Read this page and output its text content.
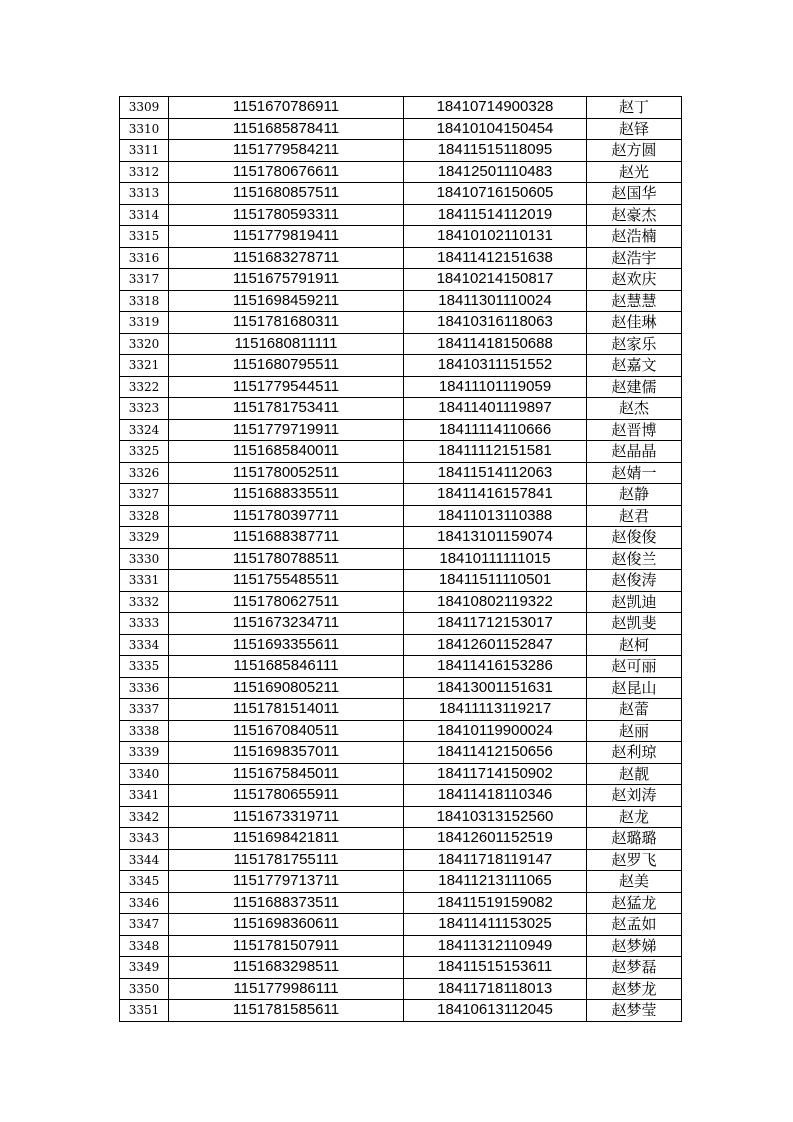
3309	1151670786911	18410714900328	赵丁
3310	1151685878411	18410104150454	赵铎
3311	1151779584211	18411515118095	赵方圆
3312	1151780676611	18412501110483	赵光
3313	1151680857511	18410716150605	赵国华
3314	1151780593311	18411514112019	赵豪杰
3315	1151779819411	18410102110131	赵浩楠
3316	1151683278711	18411412151638	赵浩宇
3317	1151675791911	18410214150817	赵欢庆
3318	1151698459211	18411301110024	赵慧慧
3319	1151781680311	18410316118063	赵佳琳
3320	1151680811111	18411418150688	赵家乐
3321	1151680795511	18410311151552	赵嘉文
3322	1151779544511	18411101119059	赵建儒
3323	1151781753411	18411401119897	赵杰
3324	1151779719911	18411114110666	赵晋博
3325	1151685840011	18411112151581	赵晶晶
3326	1151780052511	18411514112063	赵婧一
3327	1151688335511	18411416157841	赵静
3328	1151780397711	18411013110388	赵君
3329	1151688387711	18413101159074	赵俊俊
3330	1151780788511	18410111111015	赵俊兰
3331	1151755485511	18411511110501	赵俊涛
3332	1151780627511	18410802119322	赵凯迪
3333	1151673234711	18411712153017	赵凯斐
3334	1151693355611	18412601152847	赵柯
3335	1151685846111	18411416153286	赵可丽
3336	1151690805211	18413001151631	赵昆山
3337	1151781514011	18411113119217	赵蕾
3338	1151670840511	18410119900024	赵丽
3339	1151698357011	18411412150656	赵利琼
3340	1151675845011	18411714150902	赵靓
3341	1151780655911	18411418110346	赵刘涛
3342	1151673319711	18410313152560	赵龙
3343	1151698421811	18412601152519	赵璐璐
3344	1151781755111	18411718119147	赵罗飞
3345	1151779713711	18411213111065	赵美
3346	1151688373511	18411519159082	赵猛龙
3347	1151698360611	18411411153025	赵孟如
3348	1151781507911	18411312110949	赵梦娣
3349	1151683298511	18411515153611	赵梦磊
3350	1151779986111	18411718118013	赵梦龙
3351	1151781585611	18410613112045	赵梦莹
